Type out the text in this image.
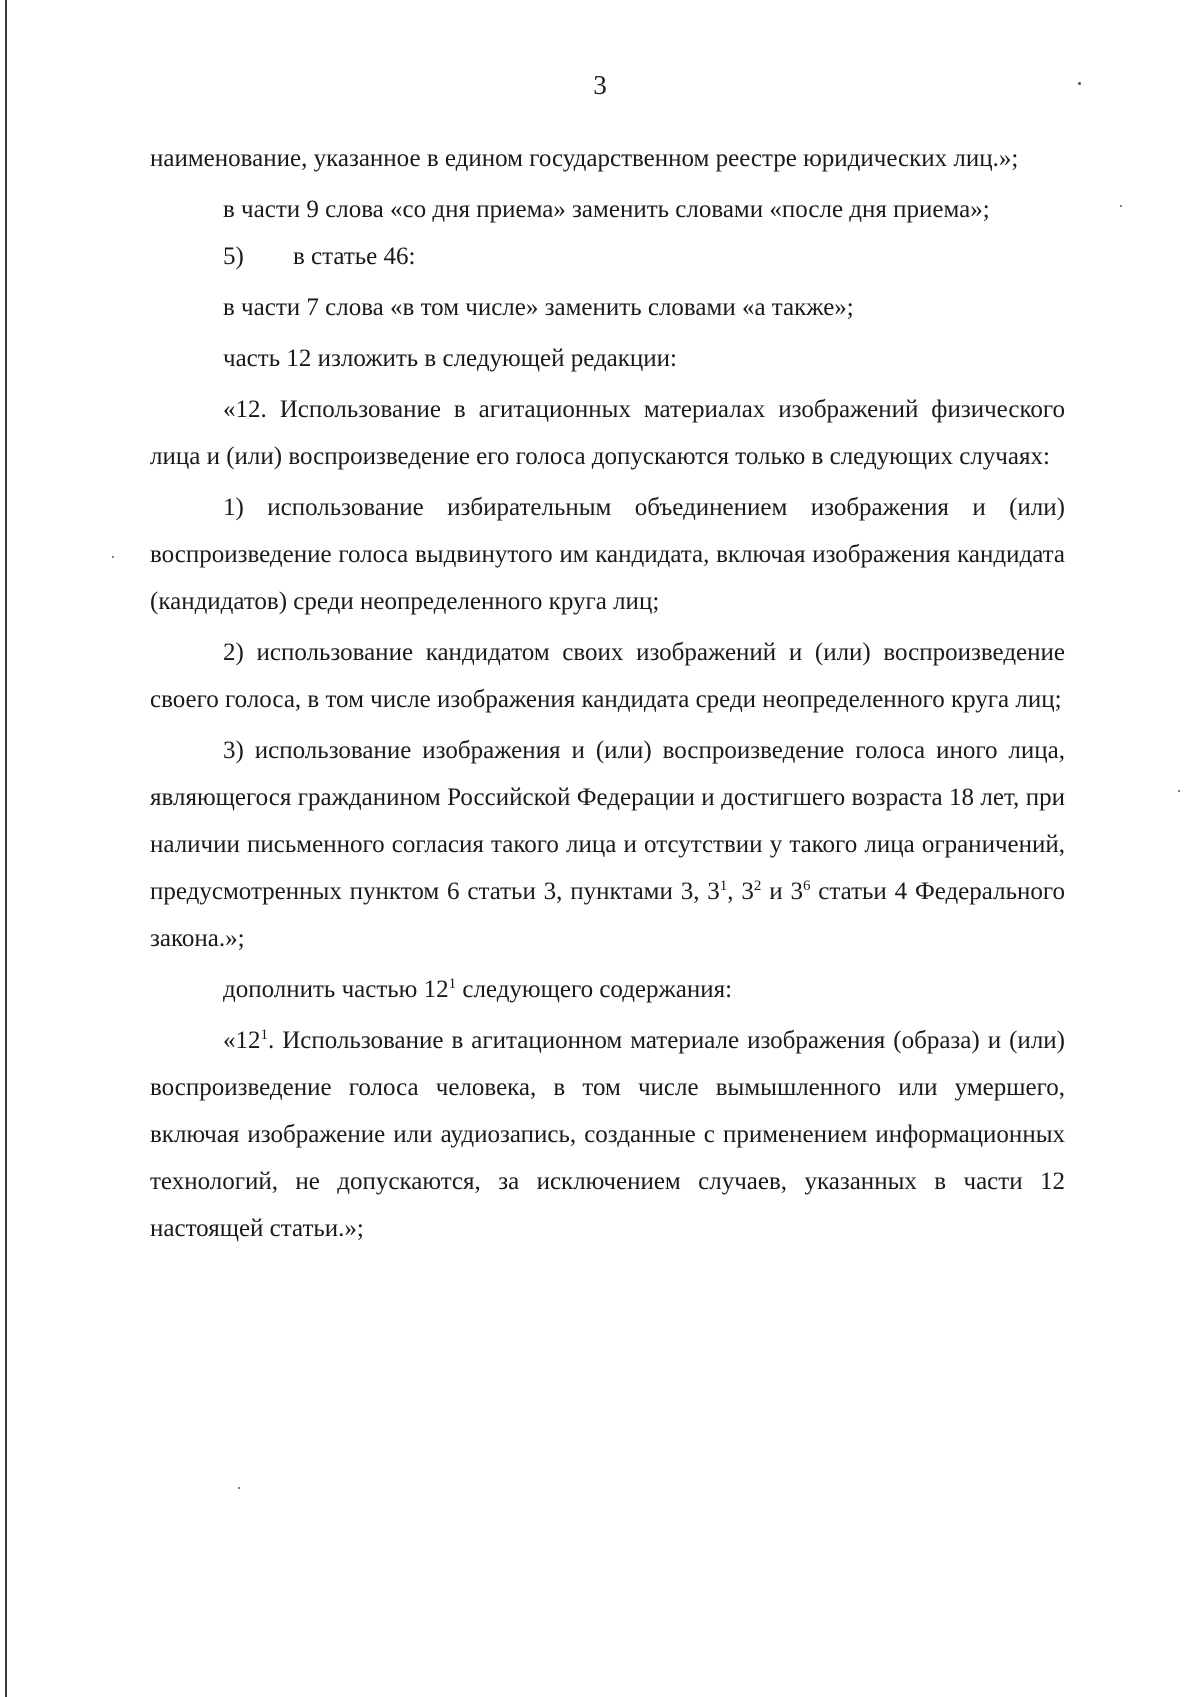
3

наименование, указанное в едином государственном реестре юридических лиц.»;

в части 9 слова «со дня приема» заменить словами «после дня приема»;

5) в статье 46:

в части 7 слова «в том числе» заменить словами «а также»;

часть 12 изложить в следующей редакции:

«12. Использование в агитационных материалах изображений физического лица и (или) воспроизведение его голоса допускаются только в следующих случаях:

1) использование избирательным объединением изображения и (или) воспроизведение голоса выдвинутого им кандидата, включая изображения кандидата (кандидатов) среди неопределенного круга лиц;

2) использование кандидатом своих изображений и (или) воспроизведение своего голоса, в том числе изображения кандидата среди неопределенного круга лиц;

3) использование изображения и (или) воспроизведение голоса иного лица, являющегося гражданином Российской Федерации и достигшего возраста 18 лет, при наличии письменного согласия такого лица и отсутствии у такого лица ограничений, предусмотренных пунктом 6 статьи 3, пунктами 3, $3^1$, $3^2$ и $3^6$ статьи 4 Федерального закона.»;

дополнить частью $12^1$ следующего содержания:

«$12^1$. Использование в агитационном материале изображения (образа) и (или) воспроизведение голоса человека, в том числе вымышленного или умершего, включая изображение или аудиозапись, созданные с применением информационных технологий, не допускаются, за исключением случаев, указанных в части 12 настоящей статьи.»;
